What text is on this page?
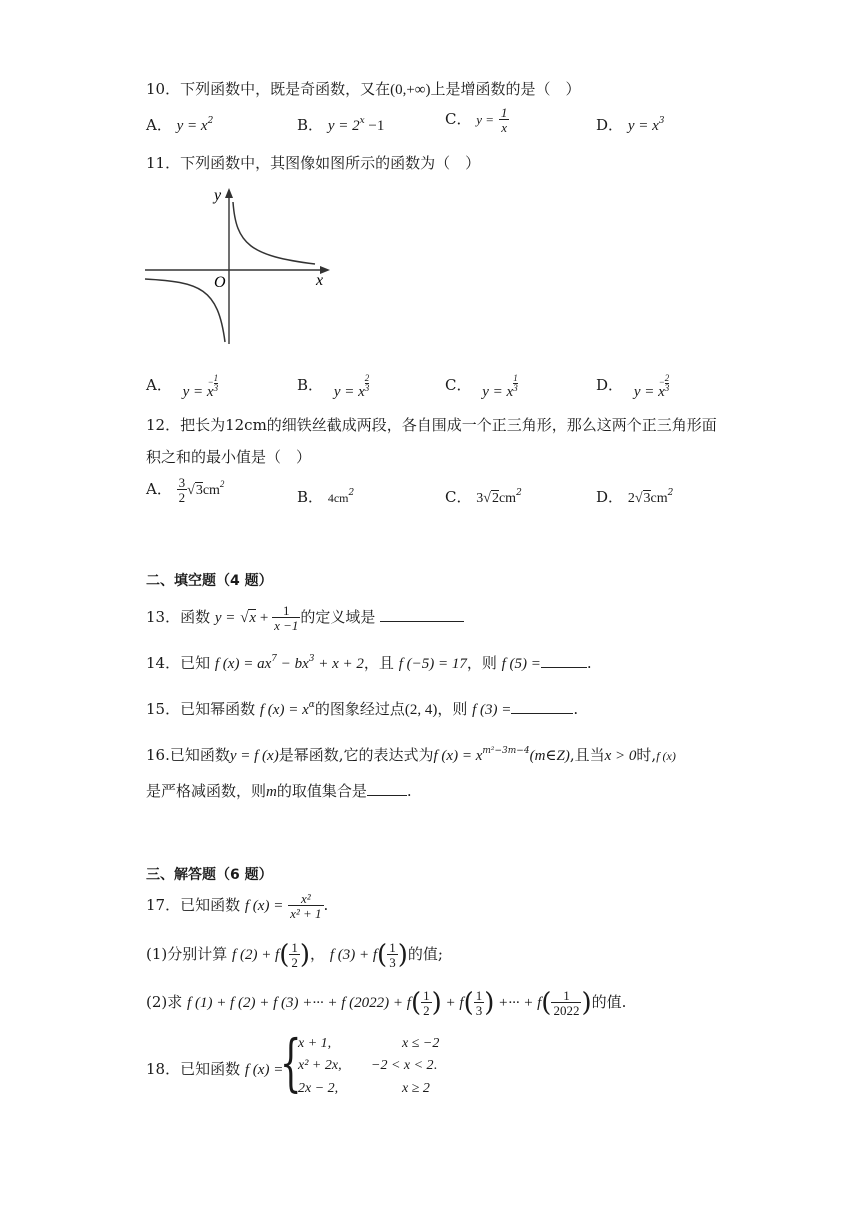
10．下列函数中，既是奇函数，又在(0,+∞)上是增函数的是（　）
A． $y = x^2$	B． $y = 2^x -1$	C． $y = \frac{1}{x}$	D． $y = x^3$
11．下列函数中，其图像如图所示的函数为（　）
y
x
O
A． y = x
− 1
3	B． y = x
2
3	C． y = x
1
3	D． y = x
− 2
3
12．把长为12cm的细铁丝截成两段，各自围成一个正三角形，那么这两个正三角形面
积之和的最小值是（　）
A． $\frac{3}{2} √3cm^2$
B． $4cm^2$	C． $3√2cm^2$	D． $2√3cm^2$
二、填空题（4 题）
13．函数 $y = √x + \frac{1}{x -1}$ 的定义域是
14．已知 f $(x) = ax^7 - bx^3 + x + 2$，且 f (−5) = 17，则 f (5) =	.
15．已知幂函数 f $(x) = x^\alpha$的图象经过点(2, 4)，则 f (3) =	.
16.已知函数y = f (x)是幂函数,它的表达式为f $(x) = x^{m^2-3m-4}(m\in Z)$,且当x > 0时,f (x)
是严格减函数，则m的取值集合是	.
三、解答题（6 题）
17．已知函数 f $(x) = \frac{\text{x²}}{\text{x² + 1}}$ .
(1)分别计算 f $(2) + f( \frac{1}{2}$ )， f $(3) + f( \frac{1}{3}$ )的值;
(2)求 f (1) + f (2) + f (3) +··· + f $(2022) + f( \frac{1}{2}$ ) + $f( \frac{1}{3}$ ) +··· + $f( \frac{1}{2022}$ )的值.
18．已知函数 f (x) =
{
x + 1,	x ≤ −2
x² + 2x, −2 < x < 2.
2x − 2,	x ≥ 2
